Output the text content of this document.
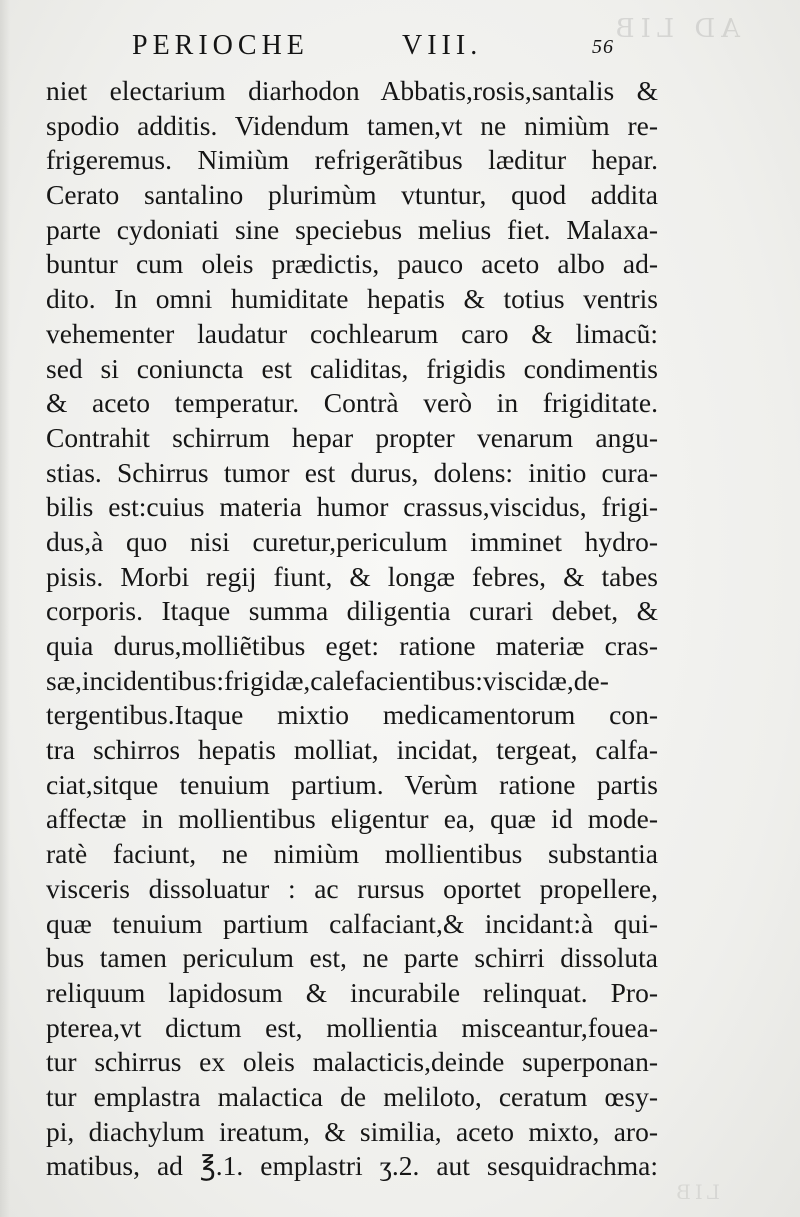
AD LIB
LIB
PERIOCHE	VIII.	56
niet electarium diarhodon Abbatis,rosis,santalis &
spodio additis. Videndum tamen,vt ne nimiùm re-
frigeremus. Nimiùm refrigerãtibus læditur hepar.
Cerato santalino plurimùm vtuntur, quod addita
parte cydoniati sine speciebus melius fiet. Malaxa-
buntur cum oleis prædictis, pauco aceto albo ad-
dito. In omni humiditate hepatis & totius ventris
vehementer laudatur cochlearum caro & limacũ:
sed si coniuncta est caliditas, frigidis condimentis
& aceto temperatur. Contrà verò in frigiditate.
Contrahit schirrum hepar propter venarum angu-
stias. Schirrus tumor est durus, dolens: initio cura-
bilis est:cuius materia humor crassus,viscidus, frigi-
dus,à quo nisi curetur,periculum imminet hydro-
pisis. Morbi regij fiunt, & longæ febres, & tabes
corporis. Itaque summa diligentia curari debet, &
quia durus,molliẽtibus eget: ratione materiæ cras-
sæ,incidentibus:frigidæ,calefacientibus:viscidæ,de-
tergentibus.Itaque mixtio medicamentorum con-
tra schirros hepatis molliat, incidat, tergeat, calfa-
ciat,sitque tenuium partium. Verùm ratione partis
affectæ in mollientibus eligentur ea, quæ id mode-
ratè faciunt, ne nimiùm mollientibus substantia
visceris dissoluatur : ac rursus oportet propellere,
quæ tenuium partium calfaciant,& incidant:à qui-
bus tamen periculum est, ne parte schirri dissoluta
reliquum lapidosum & incurabile relinquat. Pro-
pterea,vt dictum est, mollientia misceantur,fouea-
tur schirrus ex oleis malacticis,deinde superponan-
tur emplastra malactica de meliloto, ceratum œsy-
pi, diachylum ireatum, & similia, aceto mixto, aro-
matibus, ad ℥.1. emplastri ʒ.2. aut sesquidrachma:
